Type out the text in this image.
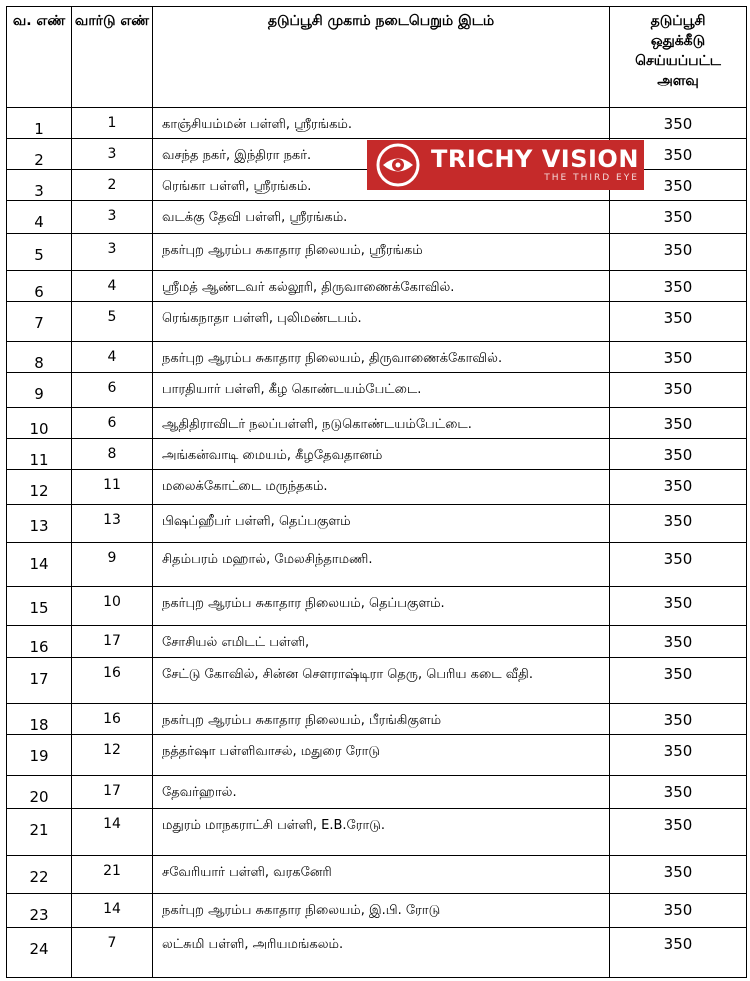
வ. எண்	வார்டு எண்	தடுப்பூசி முகாம் நடைபெறும் இடம்	தடுப்பூசி
ஒதுக்கீடு
செய்யப்பட்ட
அளவு

1	1	காஞ்சியம்மன் பள்ளி, ஸ்ரீரங்கம்.	350
2	3	வசந்த நகர், இந்திரா நகர்.	350
3	2	ரெங்கா பள்ளி, ஸ்ரீரங்கம்.	350
4	3	வடக்கு தேவி பள்ளி, ஸ்ரீரங்கம்.	350
5	3	நகர்புற ஆரம்ப சுகாதார நிலையம், ஸ்ரீரங்கம்	350
6	4	ஸ்ரீமத் ஆண்டவர் கல்லூரி, திருவாணைக்கோவில்.	350
7	5	ரெங்கநாதா பள்ளி, புலிமண்டபம்.	350
8	4	நகர்புற ஆரம்ப சுகாதார நிலையம், திருவாணைக்கோவில்.	350
9	6	பாரதியார் பள்ளி, கீழ கொண்டயம்பேட்டை.	350
10	6	ஆதிதிராவிடர் நலப்பள்ளி, நடுகொண்டயம்பேட்டை.	350
11	8	அங்கன்வாடி மையம், கீழதேவதானம்	350
12	11	மலைக்கோட்டை மருந்தகம்.	350
13	13	பிஷப்ஹீபர் பள்ளி, தெப்பகுளம்	350
14	9	சிதம்பரம் மஹால், மேலசிந்தாமணி.	350
15	10	நகர்புற ஆரம்ப சுகாதார நிலையம், தெப்பகுளம்.	350
16	17	சோசியல் எமிடட் பள்ளி,	350
17	16	சேட்டு கோவில், சின்ன சௌராஷ்டிரா தெரு, பெரிய கடை வீதி.	350
18	16	நகர்புற ஆரம்ப சுகாதார நிலையம், பீரங்கிகுளம்	350
19	12	நத்தர்ஷா பள்ளிவாசல், மதுரை ரோடு	350
20	17	தேவர்ஹால்.	350
21	14	மதுரம் மாநகராட்சி பள்ளி, E.B.ரோடு.	350
22	21	சவேரியார் பள்ளி, வரகனேரி	350
23	14	நகர்புற ஆரம்ப சுகாதார நிலையம், இ.பி. ரோடு	350
24	7	லட்சுமி பள்ளி, அரியமங்கலம்.	350
TRICHY VISION
THE THIRD EYE
